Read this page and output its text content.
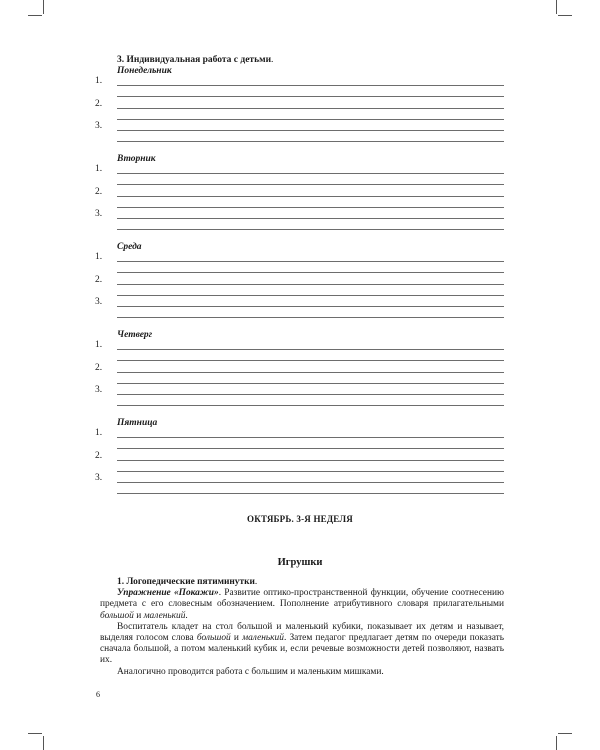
3. Индивидуальная работа с детьми.
Понедельник
1.
2.
3.
Вторник
1.
2.
3.
Среда
1.
2.
3.
Четверг
1.
2.
3.
Пятница
1.
2.
3.
ОКТЯБРЬ. 3-Я НЕДЕЛЯ
Игрушки

1. Логопедические пятиминутки.

Упражнение «Покажи». Развитие оптико-пространственной функции, обучение соотнесению предмета с его словесным обозначением. Пополнение атрибутивного словаря прилагательными большой и маленький.

Воспитатель кладет на стол большой и маленький кубики, показывает их детям и называет, выделяя голосом слова большой и маленький. Затем педагог предлагает детям по очереди показать сначала большой, а потом маленький кубик и, если речевые возможности детей позволяют, назвать их.

Аналогично проводится работа с большим и маленьким мишками.

6
